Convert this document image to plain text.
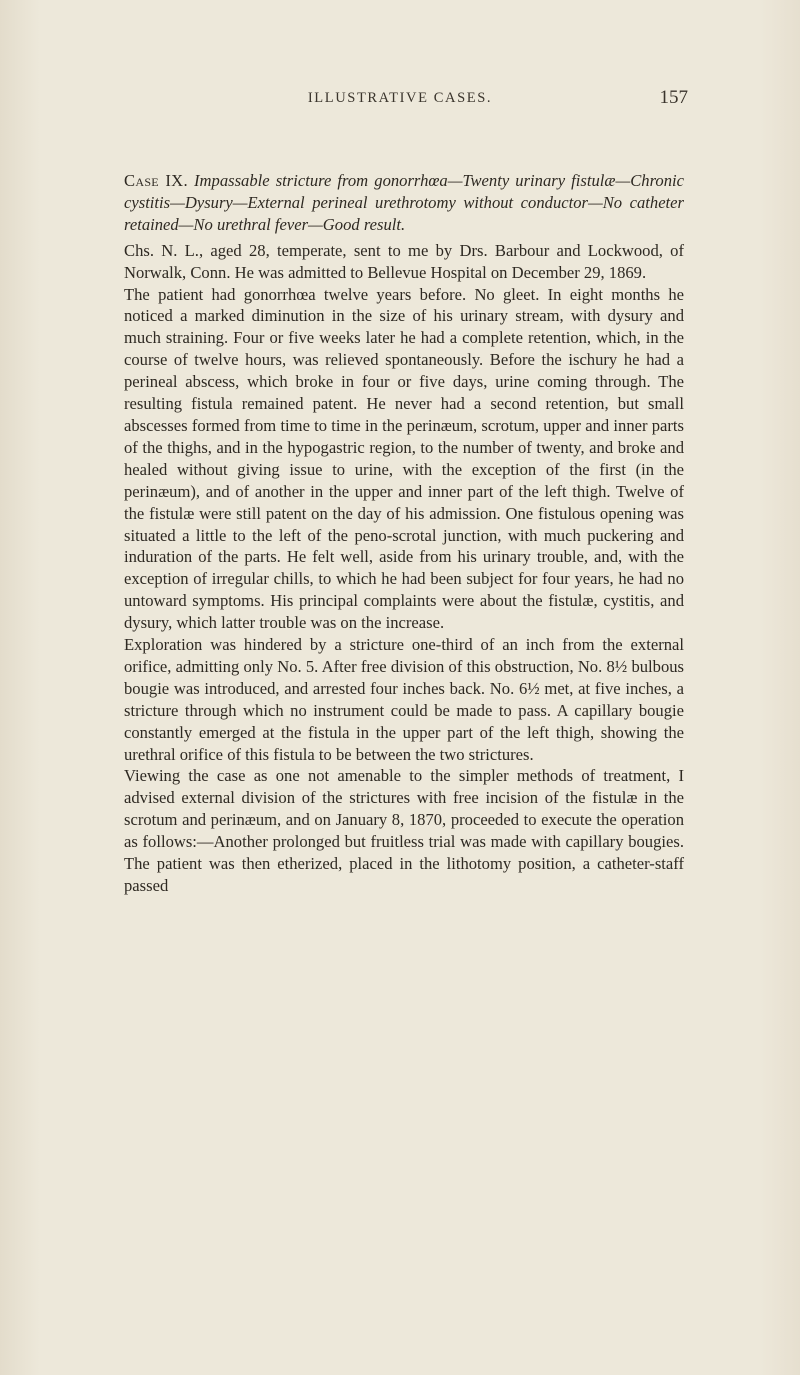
ILLUSTRATIVE CASES.	157

Case IX. Impassable stricture from gonorrhœa—Twenty urinary fistulæ—Chronic cystitis—Dysury—External perineal urethrotomy without conductor—No catheter retained—No urethral fever—Good result.

Chs. N. L., aged 28, temperate, sent to me by Drs. Barbour and Lockwood, of Norwalk, Conn. He was admitted to Bellevue Hospital on December 29, 1869.

The patient had gonorrhœa twelve years before. No gleet. In eight months he noticed a marked diminution in the size of his urinary stream, with dysury and much straining. Four or five weeks later he had a complete retention, which, in the course of twelve hours, was relieved spontaneously. Before the ischury he had a perineal abscess, which broke in four or five days, urine coming through. The resulting fistula remained patent. He never had a second retention, but small abscesses formed from time to time in the perinæum, scrotum, upper and inner parts of the thighs, and in the hypogastric region, to the number of twenty, and broke and healed without giving issue to urine, with the exception of the first (in the perinæum), and of another in the upper and inner part of the left thigh. Twelve of the fistulæ were still patent on the day of his admission. One fistulous opening was situated a little to the left of the peno-scrotal junction, with much puckering and induration of the parts. He felt well, aside from his urinary trouble, and, with the exception of irregular chills, to which he had been subject for four years, he had no untoward symptoms. His principal complaints were about the fistulæ, cystitis, and dysury, which latter trouble was on the increase.

Exploration was hindered by a stricture one-third of an inch from the external orifice, admitting only No. 5. After free division of this obstruction, No. 8½ bulbous bougie was introduced, and arrested four inches back. No. 6½ met, at five inches, a stricture through which no instrument could be made to pass. A capillary bougie constantly emerged at the fistula in the upper part of the left thigh, showing the urethral orifice of this fistula to be between the two strictures.

Viewing the case as one not amenable to the simpler methods of treatment, I advised external division of the strictures with free incision of the fistulæ in the scrotum and perinæum, and on January 8, 1870, proceeded to execute the operation as follows:—Another prolonged but fruitless trial was made with capillary bougies. The patient was then etherized, placed in the lithotomy position, a catheter-staff passed
